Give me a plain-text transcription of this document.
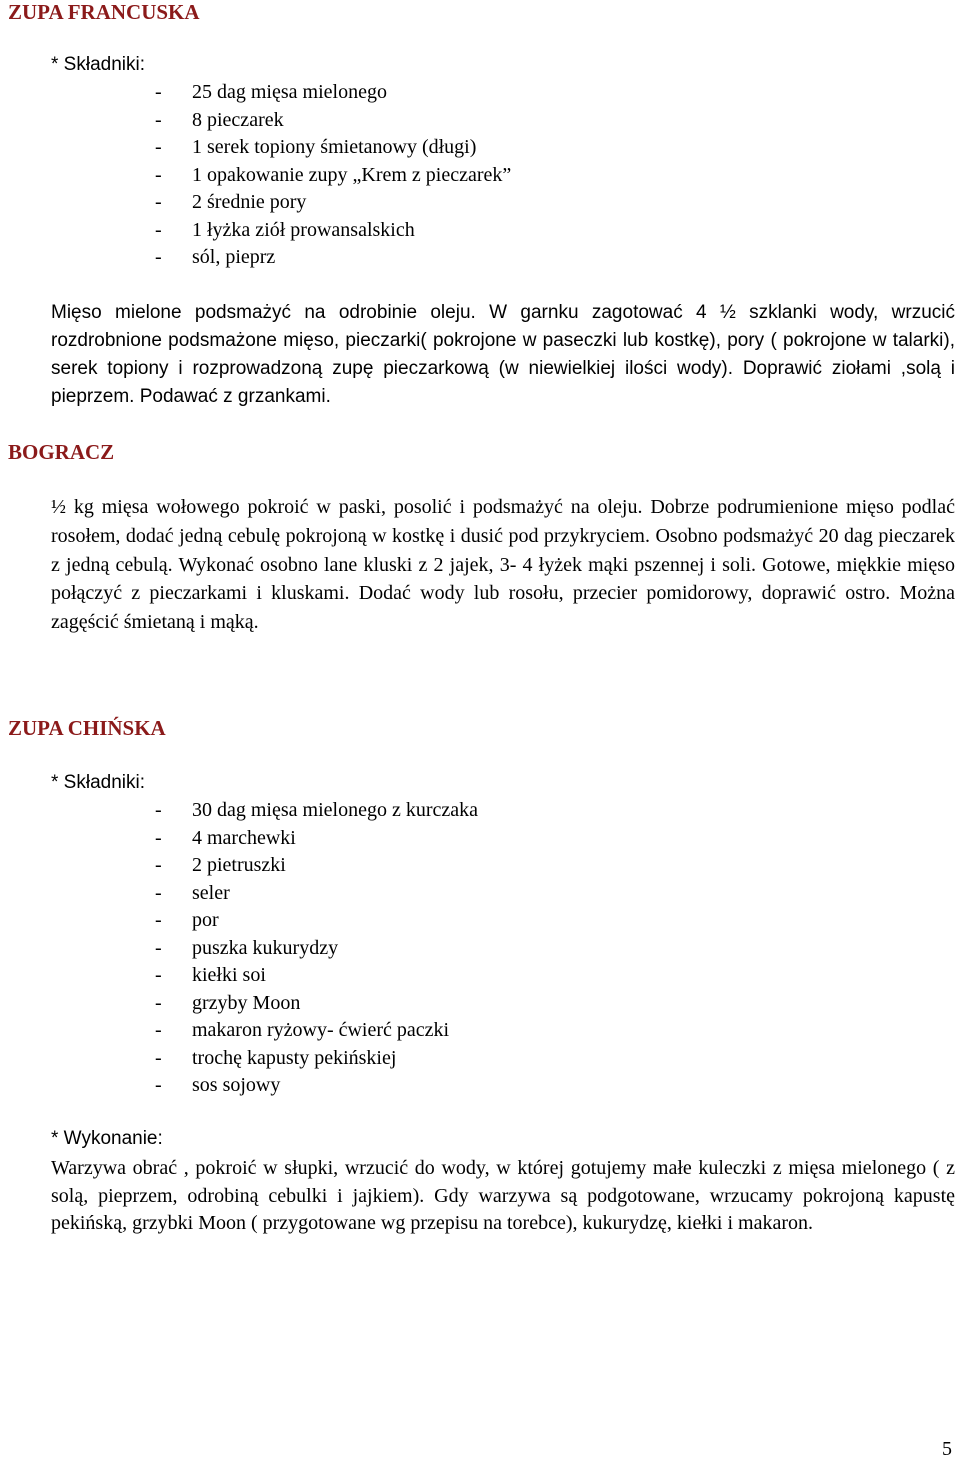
ZUPA FRANCUSKA
* Składniki:
- 25 dag mięsa mielonego
- 8 pieczarek
- 1 serek topiony śmietanowy (długi)
- 1 opakowanie zupy „Krem z pieczarek”
- 2 średnie pory
- 1 łyżka ziół prowansalskich
- sól, pieprz

Mięso mielone podsmażyć na odrobinie oleju. W garnku zagotować 4 ½ szklanki wody, wrzucić rozdrobnione podsmażone mięso, pieczarki( pokrojone w paseczki lub kostkę), pory ( pokrojone w talarki), serek topiony i rozprowadzoną zupę pieczarkową (w niewielkiej ilości wody). Doprawić ziołami ,solą i pieprzem. Podawać z grzankami.

BOGRACZ

½ kg mięsa wołowego pokroić w paski, posolić i podsmażyć na oleju. Dobrze podrumienione mięso podlać rosołem, dodać jedną cebulę pokrojoną w kostkę i dusić pod przykryciem. Osobno podsmażyć 20 dag pieczarek z jedną cebulą. Wykonać osobno lane kluski z 2 jajek, 3- 4 łyżek mąki pszennej i soli. Gotowe, miękkie mięso połączyć z pieczarkami i kluskami. Dodać wody lub rosołu, przecier pomidorowy, doprawić ostro. Można zagęścić śmietaną i mąką.

ZUPA CHIŃSKA
* Składniki:
- 30 dag mięsa mielonego z kurczaka
- 4 marchewki
- 2 pietruszki
- seler
- por
- puszka kukurydzy
- kiełki soi
- grzyby Moon
- makaron ryżowy- ćwierć paczki
- trochę kapusty pekińskiej
- sos sojowy
* Wykonanie:

Warzywa obrać , pokroić w słupki, wrzucić do wody, w której gotujemy małe kuleczki z mięsa mielonego ( z solą, pieprzem, odrobiną cebulki i jajkiem). Gdy warzywa są podgotowane, wrzucamy pokrojoną kapustę pekińską, grzybki Moon ( przygotowane wg przepisu na torebce), kukurydzę, kiełki i makaron.

5
